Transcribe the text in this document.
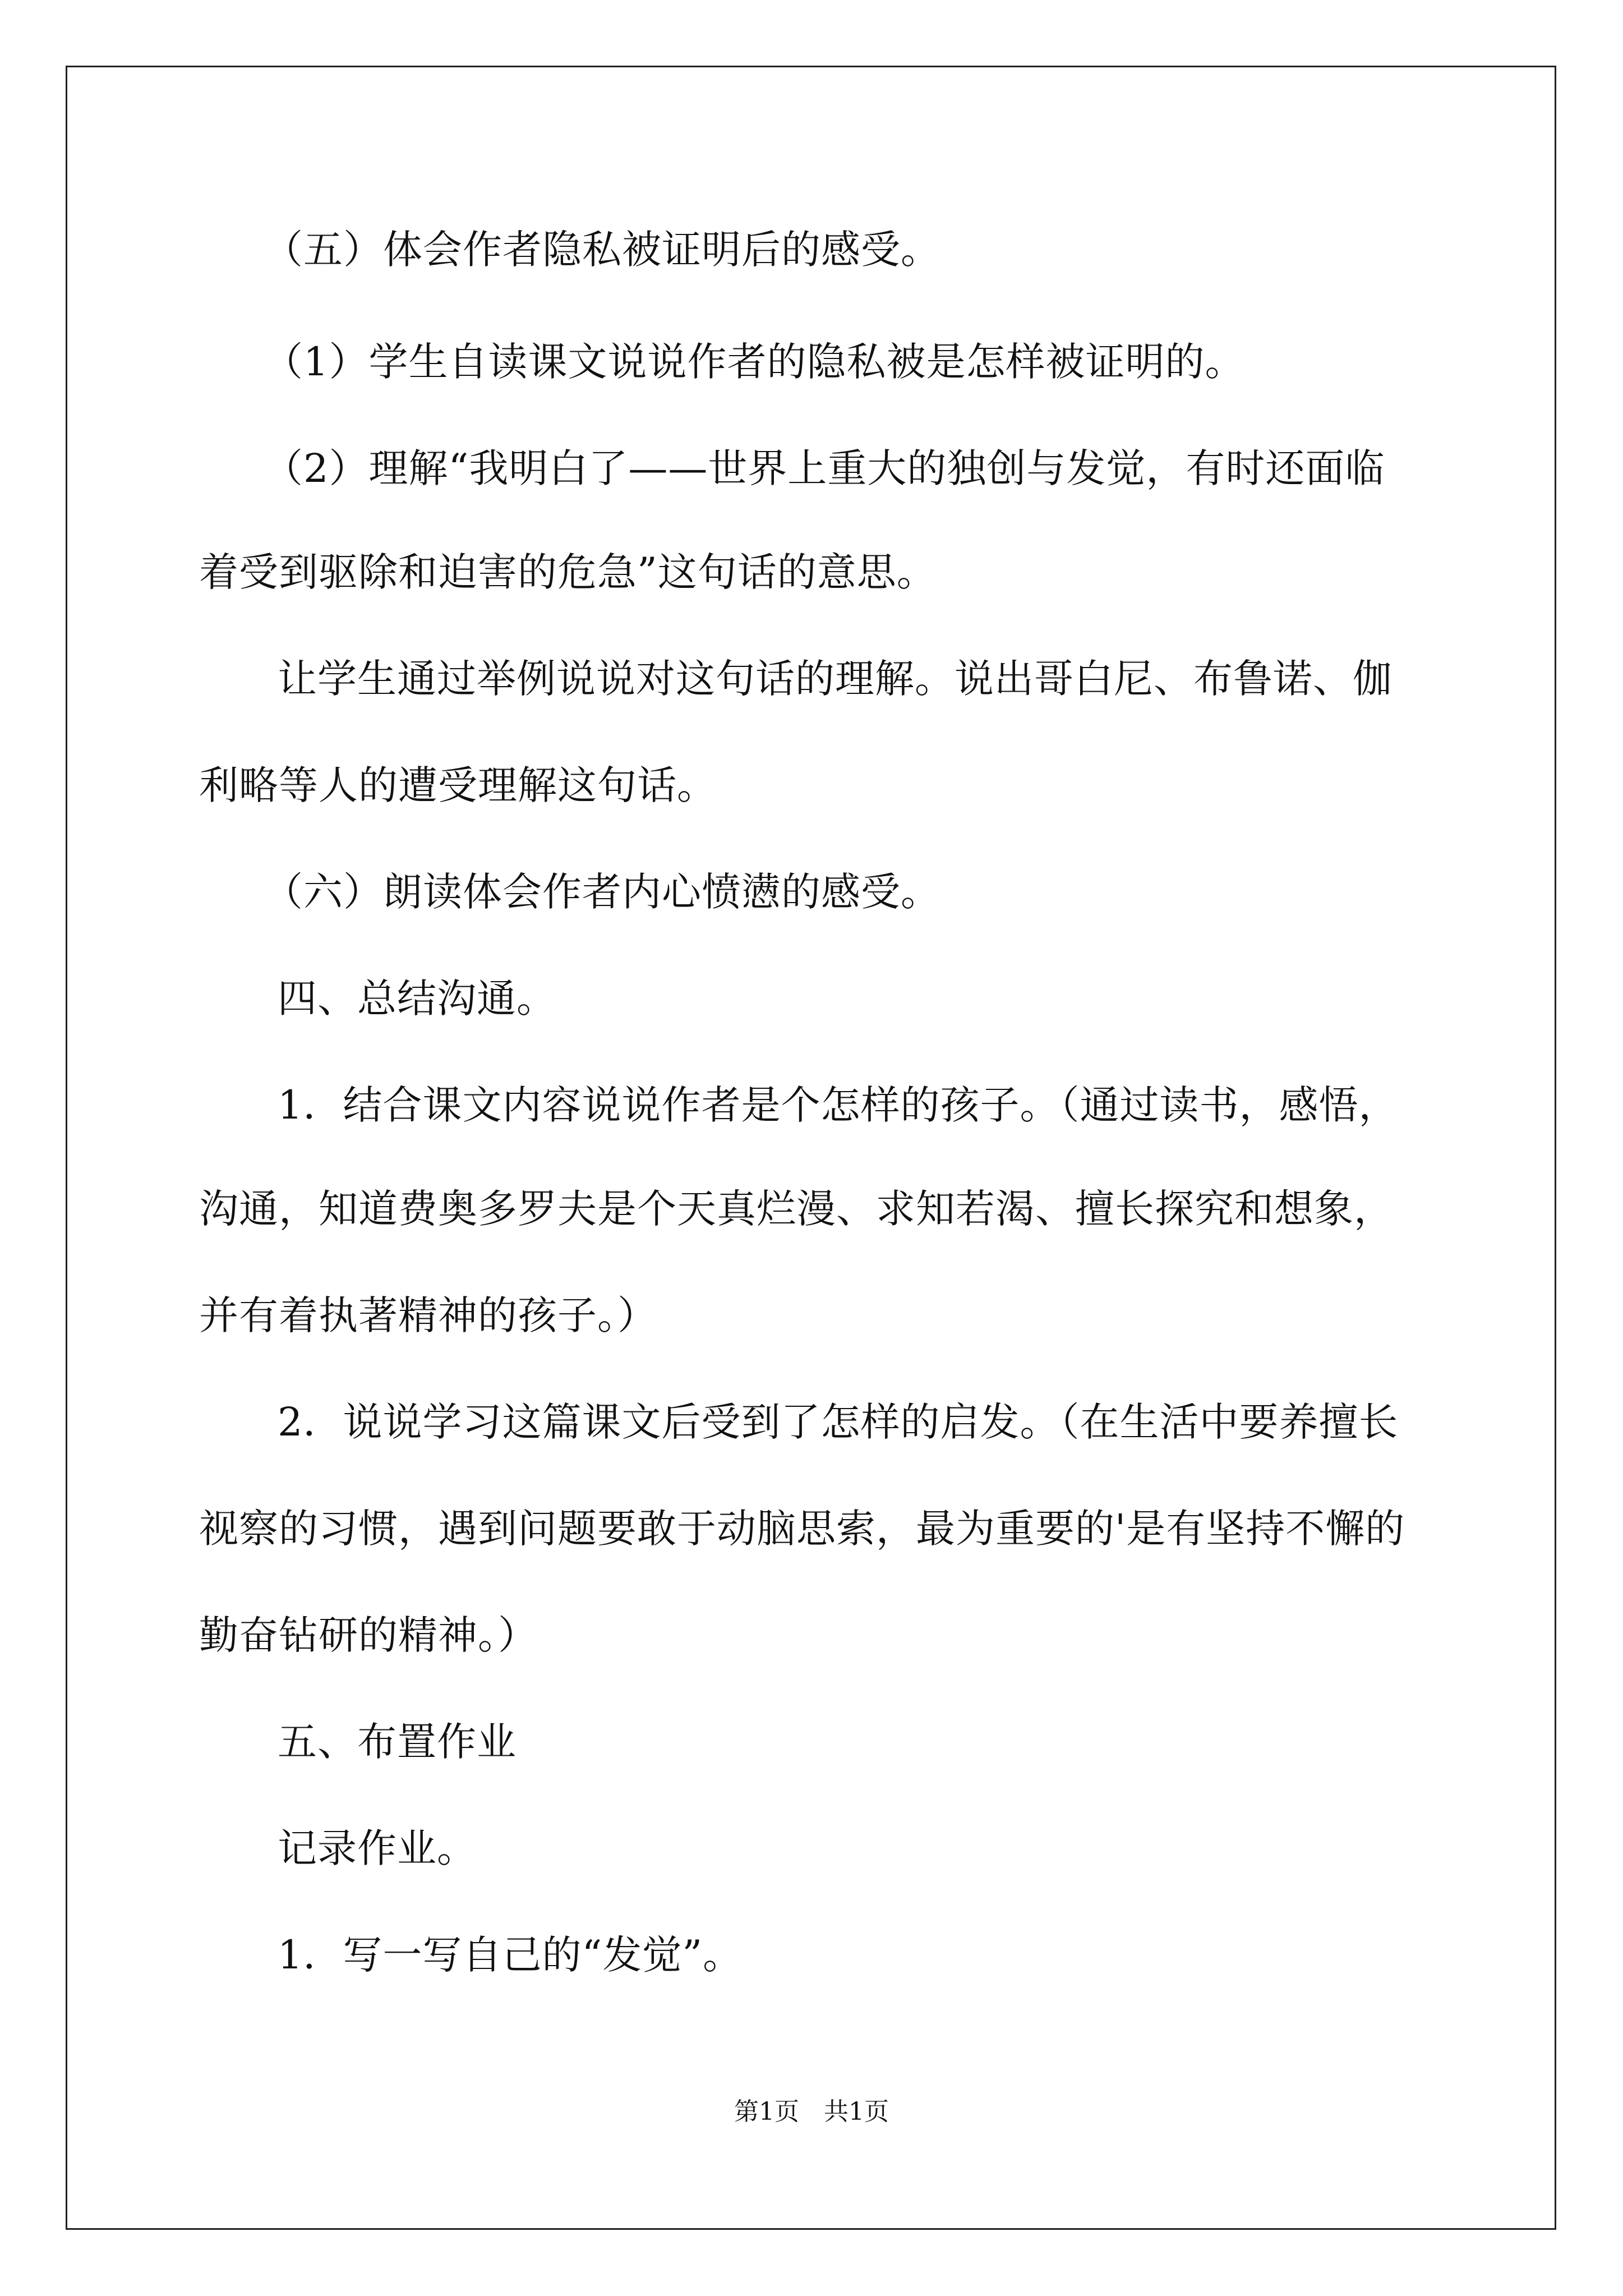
（五）体会作者隐私被证明后的感受。
（1）学生自读课文说说作者的隐私被是怎样被证明的。
（2）理解“我明白了——世界上重大的独创与发觉，有时还面临
着受到驱除和迫害的危急”这句话的意思。
让学生通过举例说说对这句话的理解。说出哥白尼、布鲁诺、伽
利略等人的遭受理解这句话。
（六）朗读体会作者内心愤懑的感受。
四、总结沟通。
1．结合课文内容说说作者是个怎样的孩子。（通过读书，感悟，
沟通，知道费奥多罗夫是个天真烂漫、求知若渴、擅长探究和想象，
并有着执著精神的孩子。）
2．说说学习这篇课文后受到了怎样的启发。（在生活中要养擅长
视察的习惯，遇到问题要敢于动脑思索，最为重要的'是有坚持不懈的
勤奋钻研的精神。）
五、布置作业
记录作业。
1．写一写自己的“发觉”。
第1页　共1页
